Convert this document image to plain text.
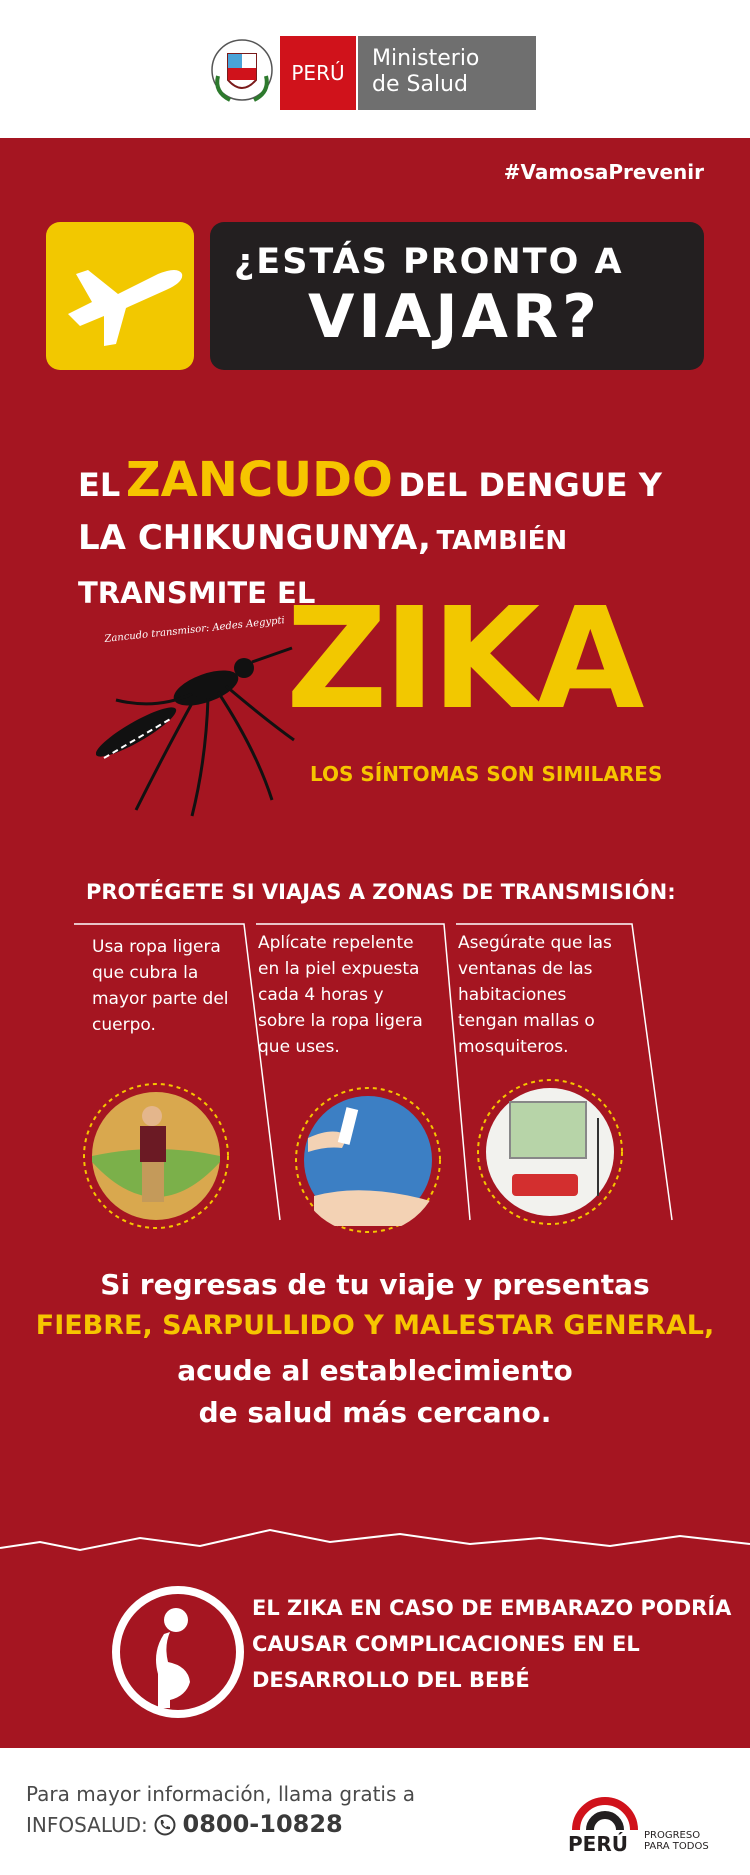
PERÚ
Ministerio
de Salud
#VamosaPrevenir
¿ESTÁS PRONTO A
VIAJAR?
EL ZANCUDO DEL DENGUE Y
LA CHIKUNGUNYA, TAMBIÉN
TRANSMITE EL
ZIKA
Zancudo transmisor: Aedes Aegypti
LOS SÍNTOMAS SON SIMILARES
PROTÉGETE SI VIAJAS A ZONAS DE TRANSMISIÓN:
Usa ropa ligera que cubra la mayor parte del cuerpo.
Aplícate repelente en la piel expuesta cada 4 horas y sobre la ropa ligera que uses.
Asegúrate que las ventanas de las habitaciones tengan mallas o mosquiteros.
Si regresas de tu viaje y presentas
FIEBRE, SARPULLIDO Y MALESTAR GENERAL,
acude al establecimiento
de salud más cercano.
EL ZIKA EN CASO DE EMBARAZO PODRÍA
CAUSAR COMPLICACIONES EN EL
DESARROLLO DEL BEBÉ
Para mayor información, llama gratis a
INFOSALUD: 0800-10828
PERÚ PROGRESO
PARA TODOS
